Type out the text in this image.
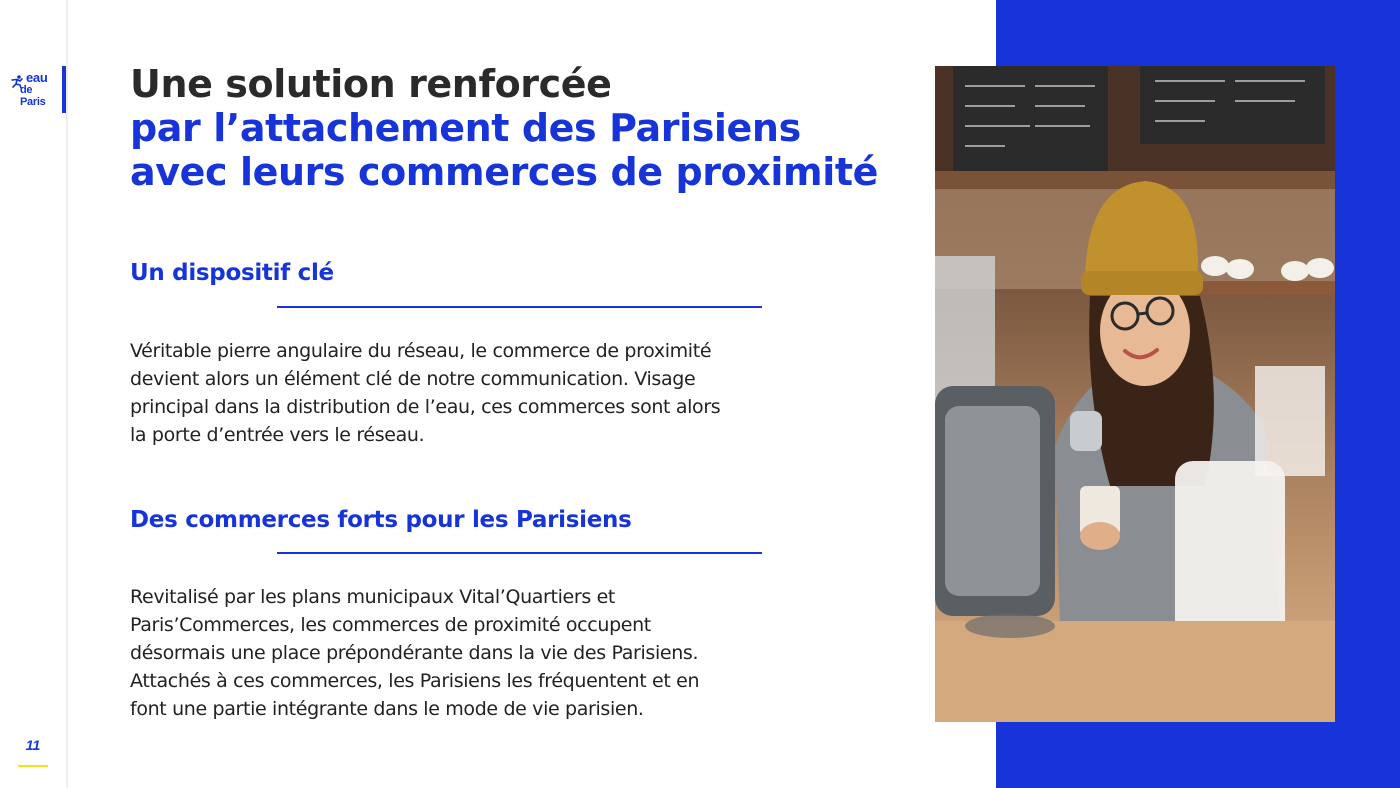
eau
de Paris
11
Une solution renforcée
par l’attachement des Parisiens
avec leurs commerces de proximité
Un dispositif clé
Véritable pierre angulaire du réseau, le commerce de proximité
devient alors un élément clé de notre communication. Visage
principal dans la distribution de l’eau, ces commerces sont alors
la porte d’entrée vers le réseau.
Des commerces forts pour les Parisiens
Revitalisé par les plans municipaux Vital’Quartiers et
Paris’Commerces, les commerces de proximité occupent
désormais une place prépondérante dans la vie des Parisiens.
Attachés à ces commerces, les Parisiens les fréquentent et en
font une partie intégrante dans le mode de vie parisien.
